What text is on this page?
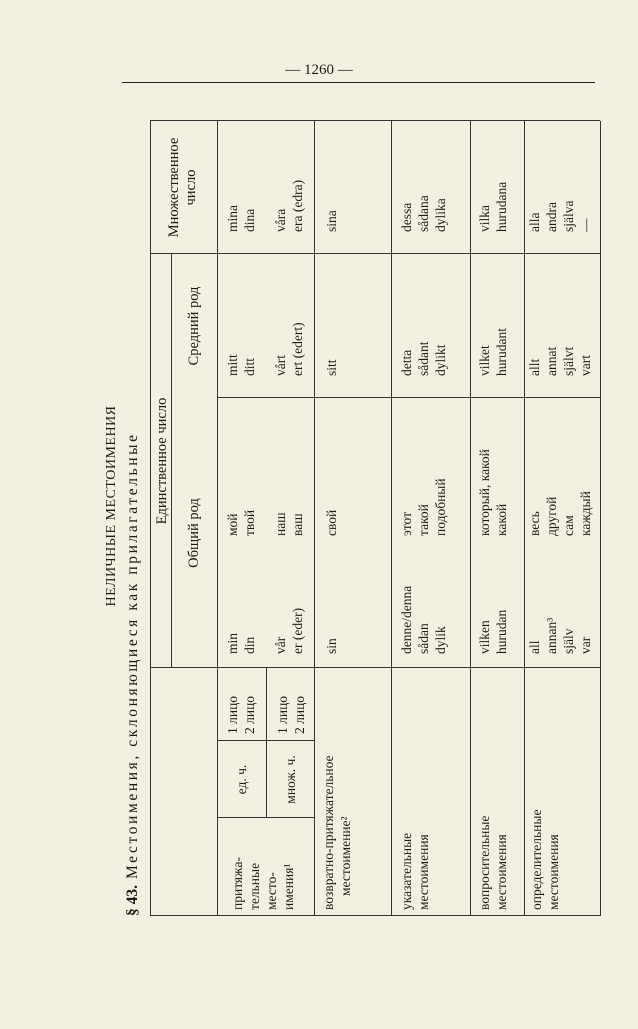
— 1260 —
НЕЛИЧНЫЕ МЕСТОИМЕНИЯ
§ 43.Местоимения, склоняющиеся как прилагательные Единственное число
Общий род
Средний род
Множественное число
притяжа- тельные место- имения¹
ед. ч.	множ. ч.
1 лицо 2 лицо 1 лицо 2 лицо
min din vår er (eder)
мой твой наш ваш
mitt ditt vårt ert (edert)
mina dina våra era (edra)
возвратно-притяжательное местоимение²
sin
свой
sitt
sina
указательные местоимения
denne/denna sådan dylik
этот такой подобный
detta sådant dylikt
dessa sådana dylika
вопросительные местоимения
vilken hurudan
который, какой какой
vilket hurudant
vilka hurudana
определительные местоимения
all annan³ själv var
весь другой сам каждый
allt annat självt vart
alla andra själva —
